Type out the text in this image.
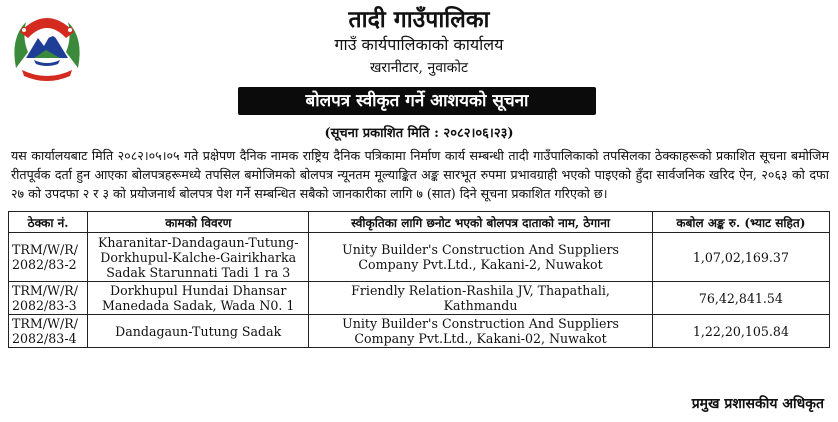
तादी गाउँपालिका
गाउँ कार्यपालिकाको कार्यालय
खरानीटार, नुवाकोट
बोलपत्र स्वीकृत गर्ने आशयको सूचना
(सूचना प्रकाशित मिति : २०८२।०६।२३)
यस कार्यालयबाट मिति २०८२।०५।०५ गते प्रक्षेपण दैनिक नामक राष्ट्रिय दैनिक पत्रिकामा निर्माण कार्य सम्बन्धी तादी गाउँपालिकाको तपसिलका ठेक्काहरूको प्रकाशित सूचना बमोजिम रीतपूर्वक दर्ता हुन आएका बोलपत्रहरूमध्ये तपसिल बमोजिमको बोलपत्र न्यूनतम मूल्याङ्कित अङ्क सारभूत रुपमा प्रभावग्राही भएको पाइएको हुँदा सार्वजनिक खरिद ऐन, २०६३ को दफा २७ को उपदफा २ र ३ को प्रयोजनार्थ बोलपत्र पेश गर्ने सम्बन्धित सबैको जानकारीका लागि ७ (सात) दिने सूचना प्रकाशित गरिएको छ।
ठेक्का नं.	कामको विवरण	स्वीकृतिका लागि छनोट भएको बोलपत्र दाताको नाम, ठेगाना	कबोल अङ्क रु. (भ्याट सहित)
TRM/W/R/ 2082/83-2	Kharanitar-Dandagaun-Tutung-Dorkhupul-Kalche-Gairikharka Sadak Starunnati Tadi 1 ra 3	Unity Builder's Construction And Suppliers Company Pvt.Ltd., Kakani-2, Nuwakot	1,07,02,169.37
TRM/W/R/ 2082/83-3	Dorkhupul Hundai Dhansar Manedada Sadak, Wada N0. 1	Friendly Relation-Rashila JV, Thapathali, Kathmandu	76,42,841.54
TRM/W/R/ 2082/83-4	Dandagaun-Tutung Sadak	Unity Builder's Construction And Suppliers Company Pvt.Ltd., Kakani-02, Nuwakot	1,22,20,105.84
प्रमुख प्रशासकीय अधिकृत
